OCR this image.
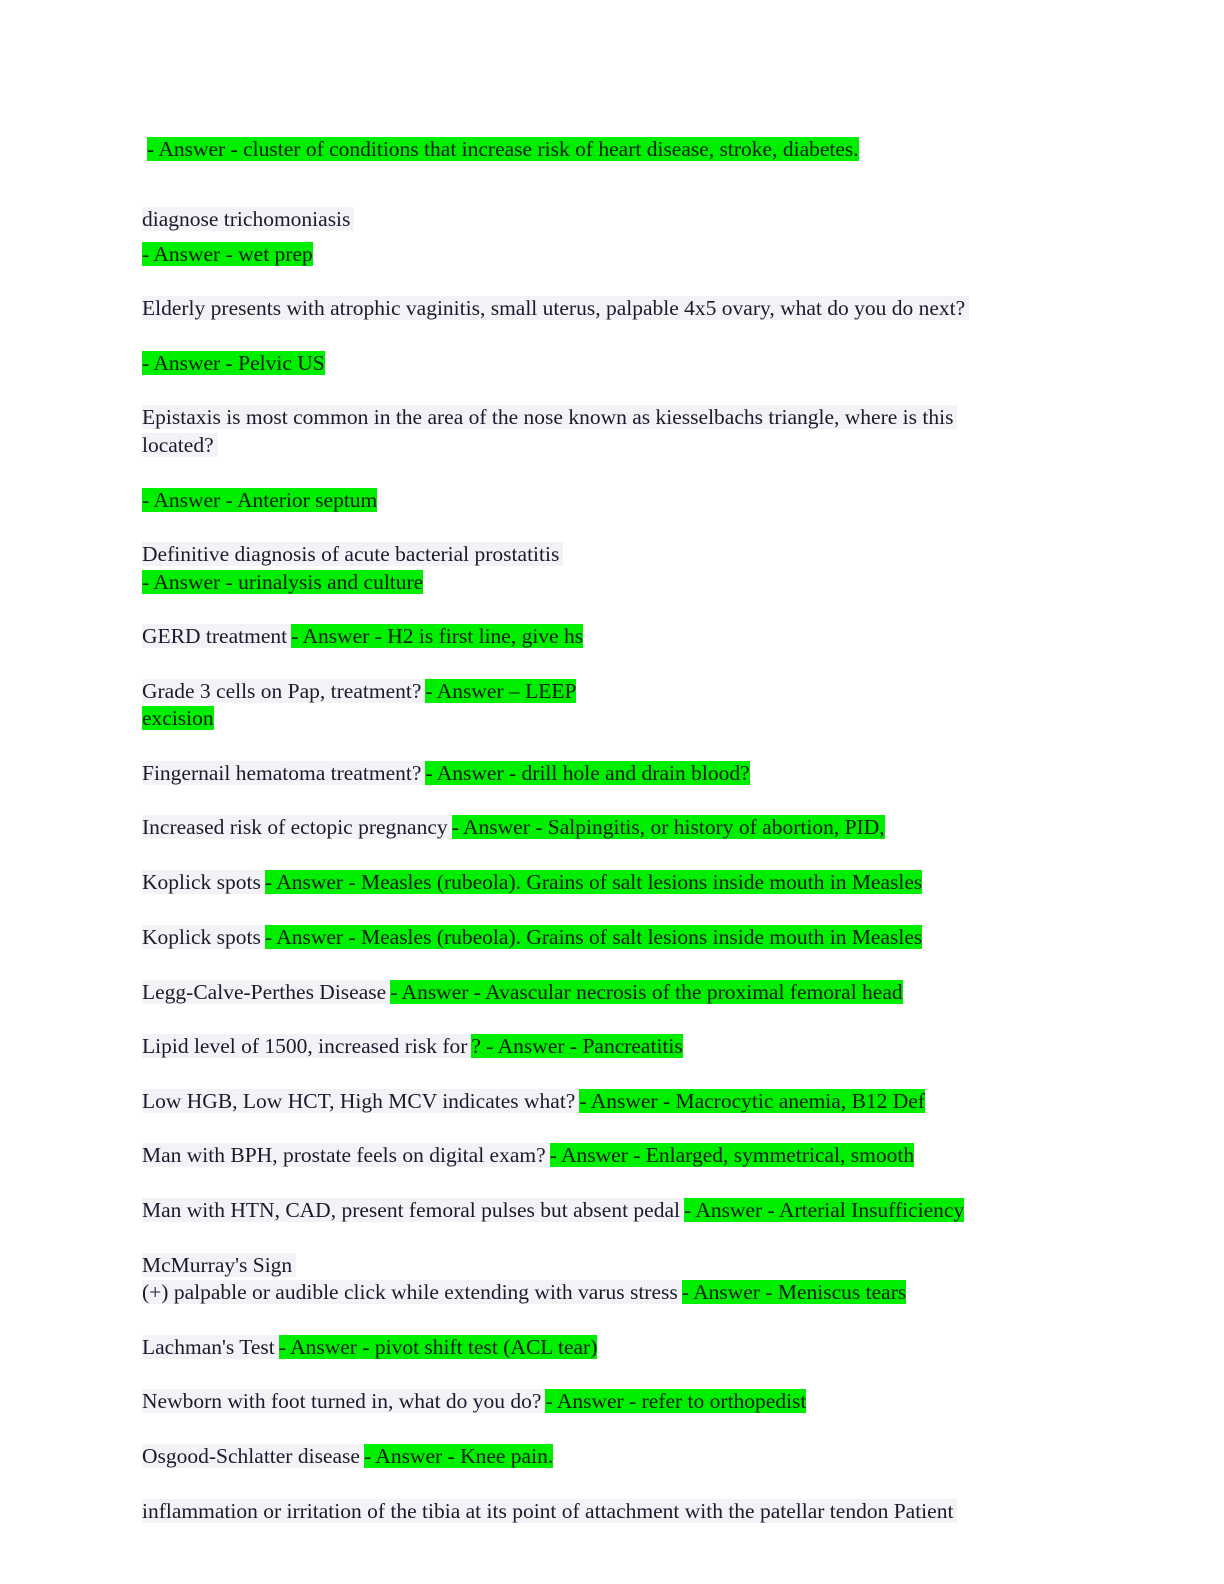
- Answer - cluster of conditions that increase risk of heart disease, stroke, diabetes.
diagnose trichomoniasis
- Answer - wet prep
Elderly presents with atrophic vaginitis, small uterus, palpable 4x5 ovary, what do you do next?
- Answer - Pelvic US
Epistaxis is most common in the area of the nose known as kiesselbachs triangle, where is this
located?
- Answer - Anterior septum
Definitive diagnosis of acute bacterial prostatitis
- Answer - urinalysis and culture
GERD treatment - Answer - H2 is first line, give hs
Grade 3 cells on Pap, treatment? - Answer – LEEP
excision
Fingernail hematoma treatment? - Answer - drill hole and drain blood?
Increased risk of ectopic pregnancy - Answer - Salpingitis, or history of abortion, PID,
Koplick spots - Answer - Measles (rubeola). Grains of salt lesions inside mouth in Measles
Koplick spots - Answer - Measles (rubeola). Grains of salt lesions inside mouth in Measles
Legg-Calve-Perthes Disease - Answer - Avascular necrosis of the proximal femoral head
Lipid level of 1500, increased risk for ? - Answer - Pancreatitis
Low HGB, Low HCT, High MCV indicates what? - Answer - Macrocytic anemia, B12 Def
Man with BPH, prostate feels on digital exam? - Answer - Enlarged, symmetrical, smooth
Man with HTN, CAD, present femoral pulses but absent pedal - Answer - Arterial Insufficiency
McMurray's Sign
(+) palpable or audible click while extending with varus stress - Answer - Meniscus tears
Lachman's Test - Answer - pivot shift test (ACL tear)
Newborn with foot turned in, what do you do? - Answer - refer to orthopedist
Osgood-Schlatter disease - Answer - Knee pain.
inflammation or irritation of the tibia at its point of attachment with the patellar tendon Patient
